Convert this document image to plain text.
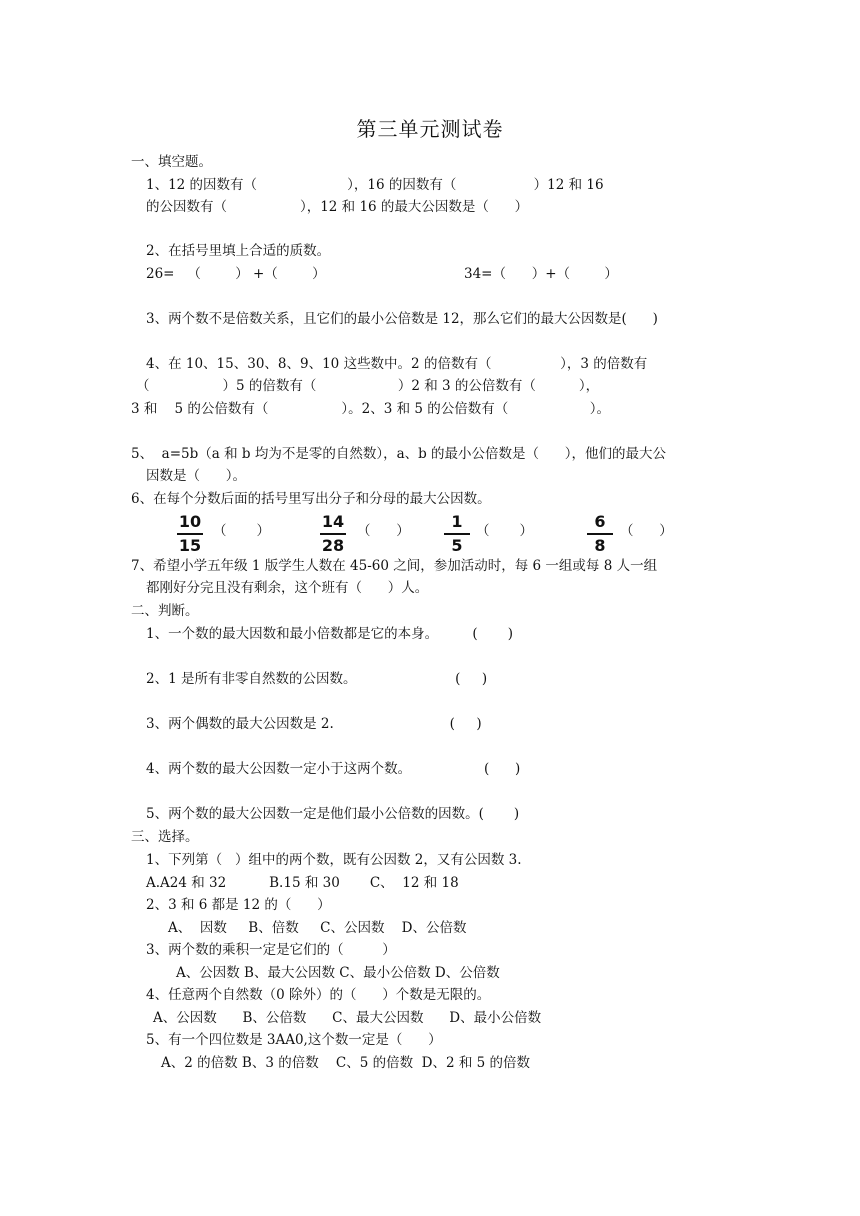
第三单元测试卷
一、填空题。
1、12 的因数有（                     ），16 的因数有（                  ）12 和 16
的公因数有（                 ），12 和 16 的最大公因数是（      ）
2、在括号里填上合适的质数。
26=   （        ） +（        ）	34=（      ）+（        ）
3、两个数不是倍数关系，且它们的最小公倍数是 12，那么它们的最大公因数是(      )
4、在 10、15、30、8、9、10 这些数中。2 的倍数有（                ），3 的倍数有
（                 ）5 的倍数有（                   ）2 和 3 的公倍数有（          ），
3 和    5 的公倍数有（                 ）。2、3 和 5 的公倍数有（                   ）。
5、  a=5b（a 和 b 均为不是零的自然数），a、b 的最小公倍数是（      ），他们的最大公
因数是（      ）。
6、在每个分数后面的括号里写出分子和分母的最大公因数。
10
15
（       ）	14
28
（      ）	1
5
（       ）	6
8
（      ）
7、希望小学五年级 1 版学生人数在 45-60 之间，参加活动时，每 6 一组或每 8 人一组
都刚好分完且没有剩余，这个班有（      ）人。
二、判断。
1、一个数的最大因数和最小倍数都是它的本身。        (       )
2、1 是所有非零自然数的公因数。                       (     )
3、两个偶数的最大公因数是 2.                           (     )
4、两个数的最大公因数一定小于这两个数。                 (      )
5、两个数的最大公因数一定是他们最小公倍数的因数。(       )
三、选择。
1、下列第（   ）组中的两个数，既有公因数 2，又有公因数 3.
A.A24 和 32          B.15 和 30       C、  12 和 18
2、3 和 6 都是 12 的（      ）
A、  因数     B、倍数     C、公因数    D、公倍数
3、两个数的乘积一定是它们的（         ）
A、公因数 B、最大公因数 C、最小公倍数 D、公倍数
4、任意两个自然数（0 除外）的（      ）个数是无限的。
A、公因数      B、公倍数      C、最大公因数      D、最小公倍数
5、有一个四位数是 3AA0,这个数一定是（      ）
A、2 的倍数 B、3 的倍数    C、5 的倍数  D、2 和 5 的倍数
